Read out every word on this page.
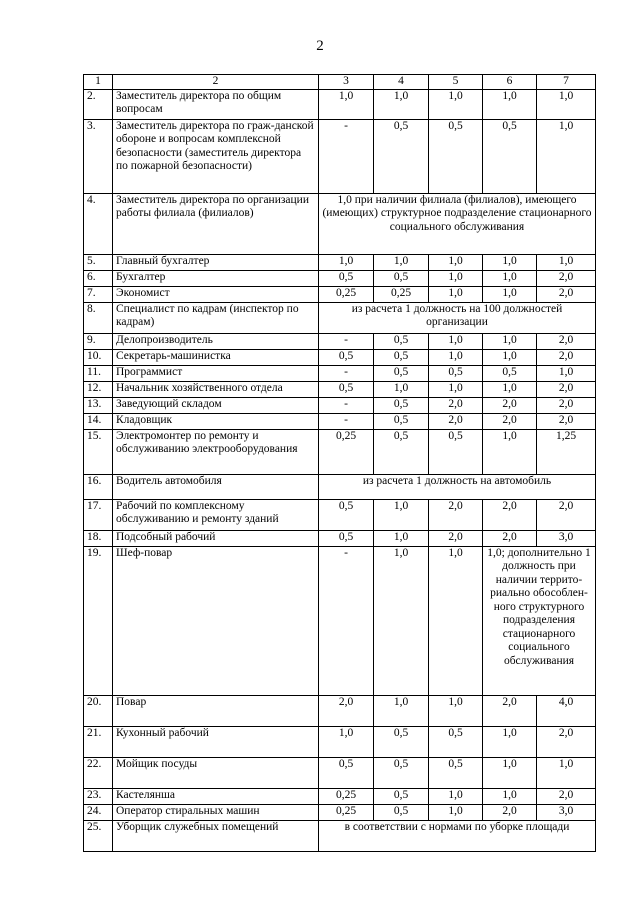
2
1	2	3	4	5	6	7
2.	Заместитель директора по общим вопросам	1,0	1,0	1,0	1,0	1,0
3.	Заместитель директора по граж-данской обороне и вопросам комплексной безопасности (заместитель директора по пожарной безопасности)	-	0,5	0,5	0,5	1,0
4.	Заместитель директора по организации работы филиала (филиалов)	1,0 при наличии филиала (филиалов), имеющего (имеющих) структурное подразделение стационарного социального обслуживания				
5.	Главный бухгалтер	1,0	1,0	1,0	1,0	1,0
6.	Бухгалтер	0,5	0,5	1,0	1,0	2,0
7.	Экономист	0,25	0,25	1,0	1,0	2,0
8.	Специалист по кадрам (инспектор по кадрам)	из расчета 1 должность на 100 должностей организации				
9.	Делопроизводитель	-	0,5	1,0	1,0	2,0
10.	Секретарь-машинистка	0,5	0,5	1,0	1,0	2,0
11.	Программист	-	0,5	0,5	0,5	1,0
12.	Начальник хозяйственного отдела	0,5	1,0	1,0	1,0	2,0
13.	Заведующий складом	-	0,5	2,0	2,0	2,0
14.	Кладовщик	-	0,5	2,0	2,0	2,0
15.	Электромонтер по ремонту и обслуживанию электрооборудования	0,25	0,5	0,5	1,0	1,25
16.	Водитель автомобиля	из расчета 1 должность на автомобиль				
17.	Рабочий по комплексному обслуживанию и ремонту зданий	0,5	1,0	2,0	2,0	2,0
18.	Подсобный рабочий	0,5	1,0	2,0	2,0	3,0
19.	Шеф-повар	-	1,0	1,0	1,0; дополнительно 1 должность при наличии террито-риально обособлен-ного структурного подразделения стационарного социального обслуживания	
20.	Повар	2,0	1,0	1,0	2,0	4,0
21.	Кухонный рабочий	1,0	0,5	0,5	1,0	2,0
22.	Мойщик посуды	0,5	0,5	0,5	1,0	1,0
23.	Кастелянша	0,25	0,5	1,0	1,0	2,0
24.	Оператор стиральных машин	0,25	0,5	1,0	2,0	3,0
25.	Уборщик служебных помещений	в соответствии с нормами по уборке площади				
